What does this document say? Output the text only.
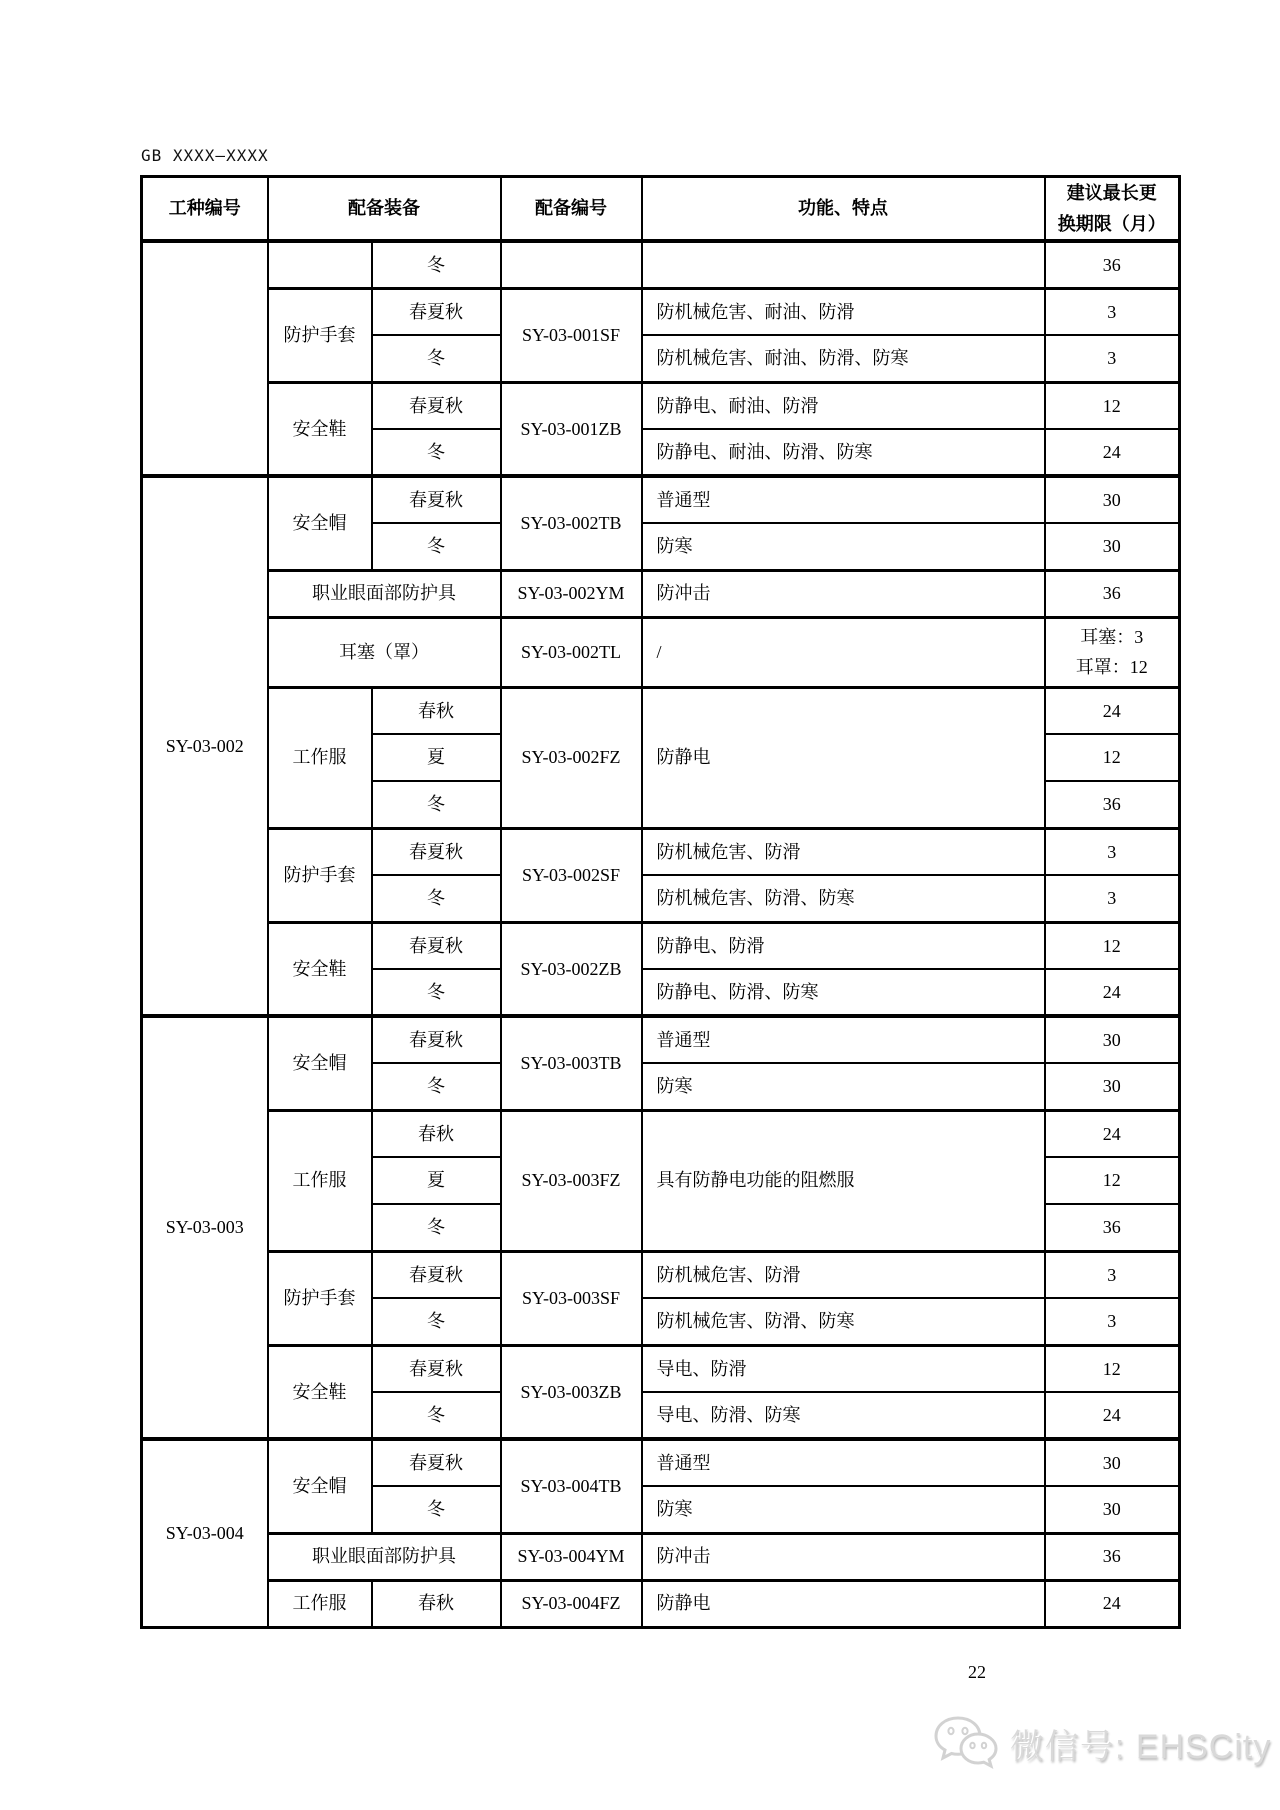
GB XXXX—XXXX
工种编号	配备装备		配备编号	功能、特点	建议最长更
换期限（月）

		冬			36
	防护手套	春夏秋	SY-03-001SF	防机械危害、耐油、防滑	3
		冬		防机械危害、耐油、防滑、防寒	3
	安全鞋	春夏秋	SY-03-001ZB	防静电、耐油、防滑	12
		冬		防静电、耐油、防滑、防寒	24
SY-03-002	安全帽	春夏秋	SY-03-002TB	普通型	30
		冬		防寒	30
	职业眼面部防护具		SY-03-002YM	防冲击	36
	耳塞（罩）		SY-03-002TL	/	耳塞：3
耳罩：12

	工作服	春秋	SY-03-002FZ	防静电	24
		夏			12
		冬			36
	防护手套	春夏秋	SY-03-002SF	防机械危害、防滑	3
		冬		防机械危害、防滑、防寒	3
	安全鞋	春夏秋	SY-03-002ZB	防静电、防滑	12
		冬		防静电、防滑、防寒	24
SY-03-003	安全帽	春夏秋	SY-03-003TB	普通型	30
		冬		防寒	30
	工作服	春秋	SY-03-003FZ	具有防静电功能的阻燃服	24
		夏			12
		冬			36
	防护手套	春夏秋	SY-03-003SF	防机械危害、防滑	3
		冬		防机械危害、防滑、防寒	3
	安全鞋	春夏秋	SY-03-003ZB	导电、防滑	12
		冬		导电、防滑、防寒	24
SY-03-004	安全帽	春夏秋	SY-03-004TB	普通型	30
		冬		防寒	30
	职业眼面部防护具		SY-03-004YM	防冲击	36
	工作服	春秋	SY-03-004FZ	防静电	24
22
微信号: EHSCity
